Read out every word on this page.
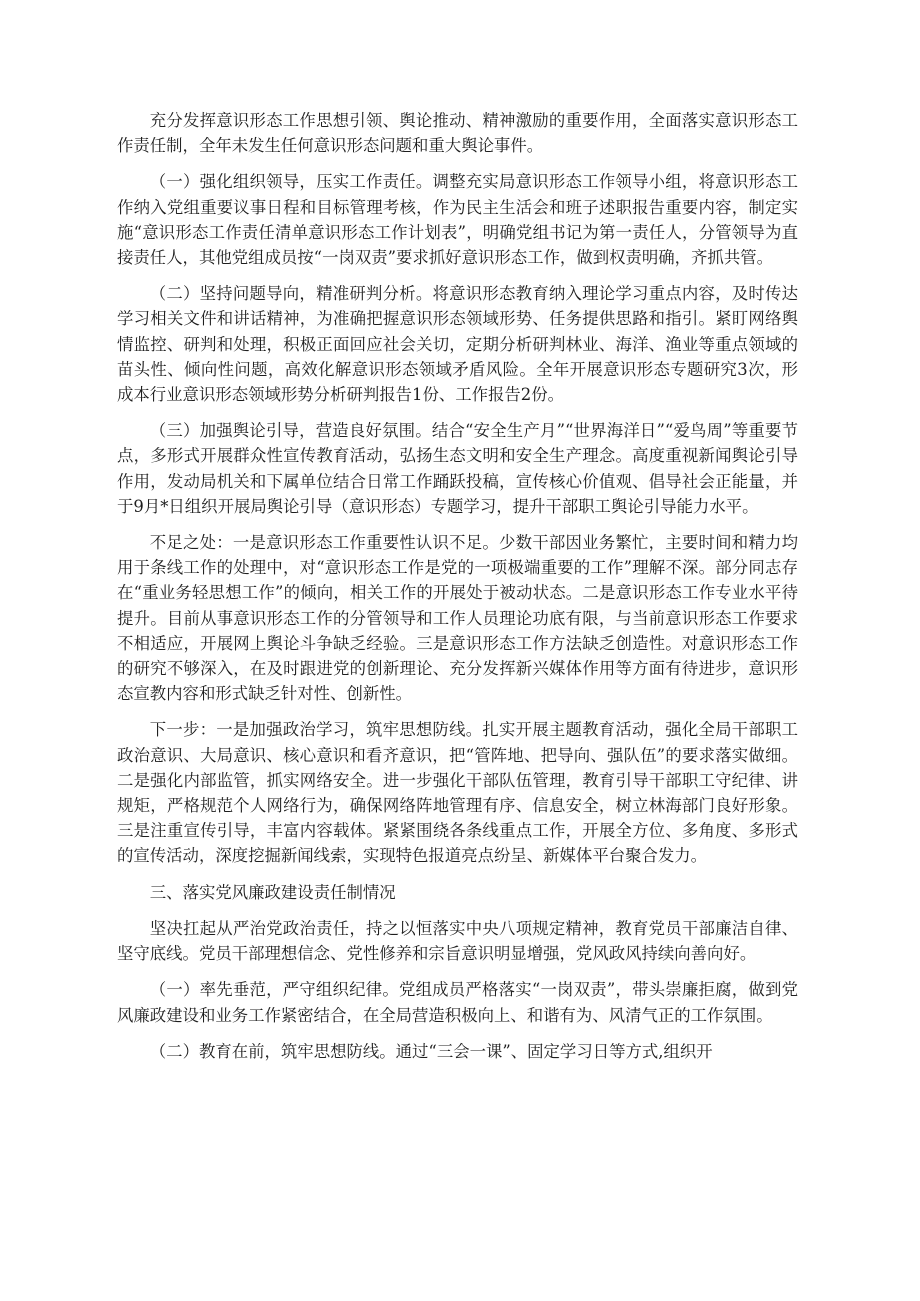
充分发挥意识形态工作思想引领、舆论推动、精神激励的重要作用，全面落实意识形态工作责任制，全年未发生任何意识形态问题和重大舆论事件。

（一）强化组织领导，压实工作责任。调整充实局意识形态工作领导小组，将意识形态工作纳入党组重要议事日程和目标管理考核，作为民主生活会和班子述职报告重要内容，制定实施“意识形态工作责任清单意识形态工作计划表”，明确党组书记为第一责任人，分管领导为直接责任人，其他党组成员按“一岗双责”要求抓好意识形态工作，做到权责明确，齐抓共管。

（二）坚持问题导向，精准研判分析。将意识形态教育纳入理论学习重点内容，及时传达学习相关文件和讲话精神，为准确把握意识形态领域形势、任务提供思路和指引。紧盯网络舆情监控、研判和处理，积极正面回应社会关切，定期分析研判林业、海洋、渔业等重点领域的苗头性、倾向性问题，高效化解意识形态领域矛盾风险。全年开展意识形态专题研究3次，形成本行业意识形态领域形势分析研判报告1份、工作报告2份。

（三）加强舆论引导，营造良好氛围。结合“安全生产月”“世界海洋日”“爱鸟周”等重要节点，多形式开展群众性宣传教育活动，弘扬生态文明和安全生产理念。高度重视新闻舆论引导作用，发动局机关和下属单位结合日常工作踊跃投稿，宣传核心价值观、倡导社会正能量，并于9月*日组织开展局舆论引导（意识形态）专题学习，提升干部职工舆论引导能力水平。

不足之处：一是意识形态工作重要性认识不足。少数干部因业务繁忙，主要时间和精力均用于条线工作的处理中，对“意识形态工作是党的一项极端重要的工作”理解不深。部分同志存在“重业务轻思想工作”的倾向，相关工作的开展处于被动状态。二是意识形态工作专业水平待提升。目前从事意识形态工作的分管领导和工作人员理论功底有限，与当前意识形态工作要求不相适应，开展网上舆论斗争缺乏经验。三是意识形态工作方法缺乏创造性。对意识形态工作的研究不够深入，在及时跟进党的创新理论、充分发挥新兴媒体作用等方面有待进步，意识形态宣教内容和形式缺乏针对性、创新性。

下一步：一是加强政治学习，筑牢思想防线。扎实开展主题教育活动，强化全局干部职工政治意识、大局意识、核心意识和看齐意识，把“管阵地、把导向、强队伍”的要求落实做细。二是强化内部监管，抓实网络安全。进一步强化干部队伍管理，教育引导干部职工守纪律、讲规矩，严格规范个人网络行为，确保网络阵地管理有序、信息安全，树立林海部门良好形象。三是注重宣传引导，丰富内容载体。紧紧围绕各条线重点工作，开展全方位、多角度、多形式的宣传活动，深度挖掘新闻线索，实现特色报道亮点纷呈、新媒体平台聚合发力。

三、落实党风廉政建设责任制情况

坚决扛起从严治党政治责任，持之以恒落实中央八项规定精神，教育党员干部廉洁自律、坚守底线。党员干部理想信念、党性修养和宗旨意识明显增强，党风政风持续向善向好。

（一）率先垂范，严守组织纪律。党组成员严格落实“一岗双责”，带头崇廉拒腐，做到党风廉政建设和业务工作紧密结合，在全局营造积极向上、和谐有为、风清气正的工作氛围。

（二）教育在前，筑牢思想防线。通过“三会一课”、固定学习日等方式,组织开
